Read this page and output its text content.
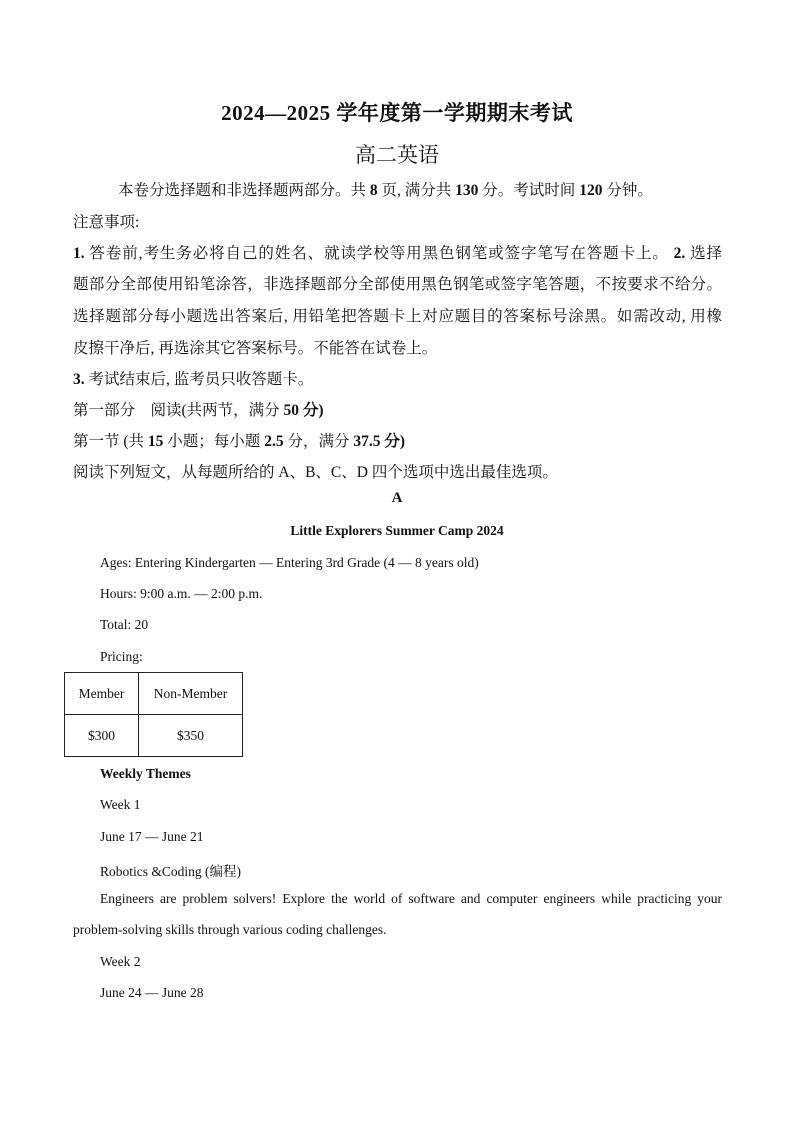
2024—2025 学年度第一学期期末考试
高二英语
本卷分选择题和非选择题两部分。共 8 页, 满分共 130 分。考试时间 120 分钟。
注意事项:
1. 答卷前,考生务必将自己的姓名、就读学校等用黑色钢笔或签字笔写在答题卡上。 2. 选择
题部分全部使用铅笔涂答，非选择题部分全部使用黑色钢笔或签字笔答题，不按要求不给分。
选择题部分每小题选出答案后, 用铅笔把答题卡上对应题目的答案标号涂黑。如需改动, 用橡
皮擦干净后, 再选涂其它答案标号。不能答在试卷上。
3. 考试结束后, 监考员只收答题卡。
第一部分　阅读(共两节，满分 50 分)
第一节 (共 15 小题；每小题 2.5 分，满分 37.5 分)
阅读下列短文，从每题所给的 A、B、C、D 四个选项中选出最佳选项。
A
Little Explorers Summer Camp 2024
Ages: Entering Kindergarten — Entering 3rd Grade (4 — 8 years old)
Hours: 9:00 a.m. — 2:00 p.m.
Total: 20
Pricing:
Member	Non-Member
$300	$350
Weekly Themes
Week 1
June 17 — June 21
Robotics &Coding (编程)
Engineers are problem solvers! Explore the world of software and computer engineers while practicing your
problem-solving skills through various coding challenges.
Week 2
June 24 — June 28
